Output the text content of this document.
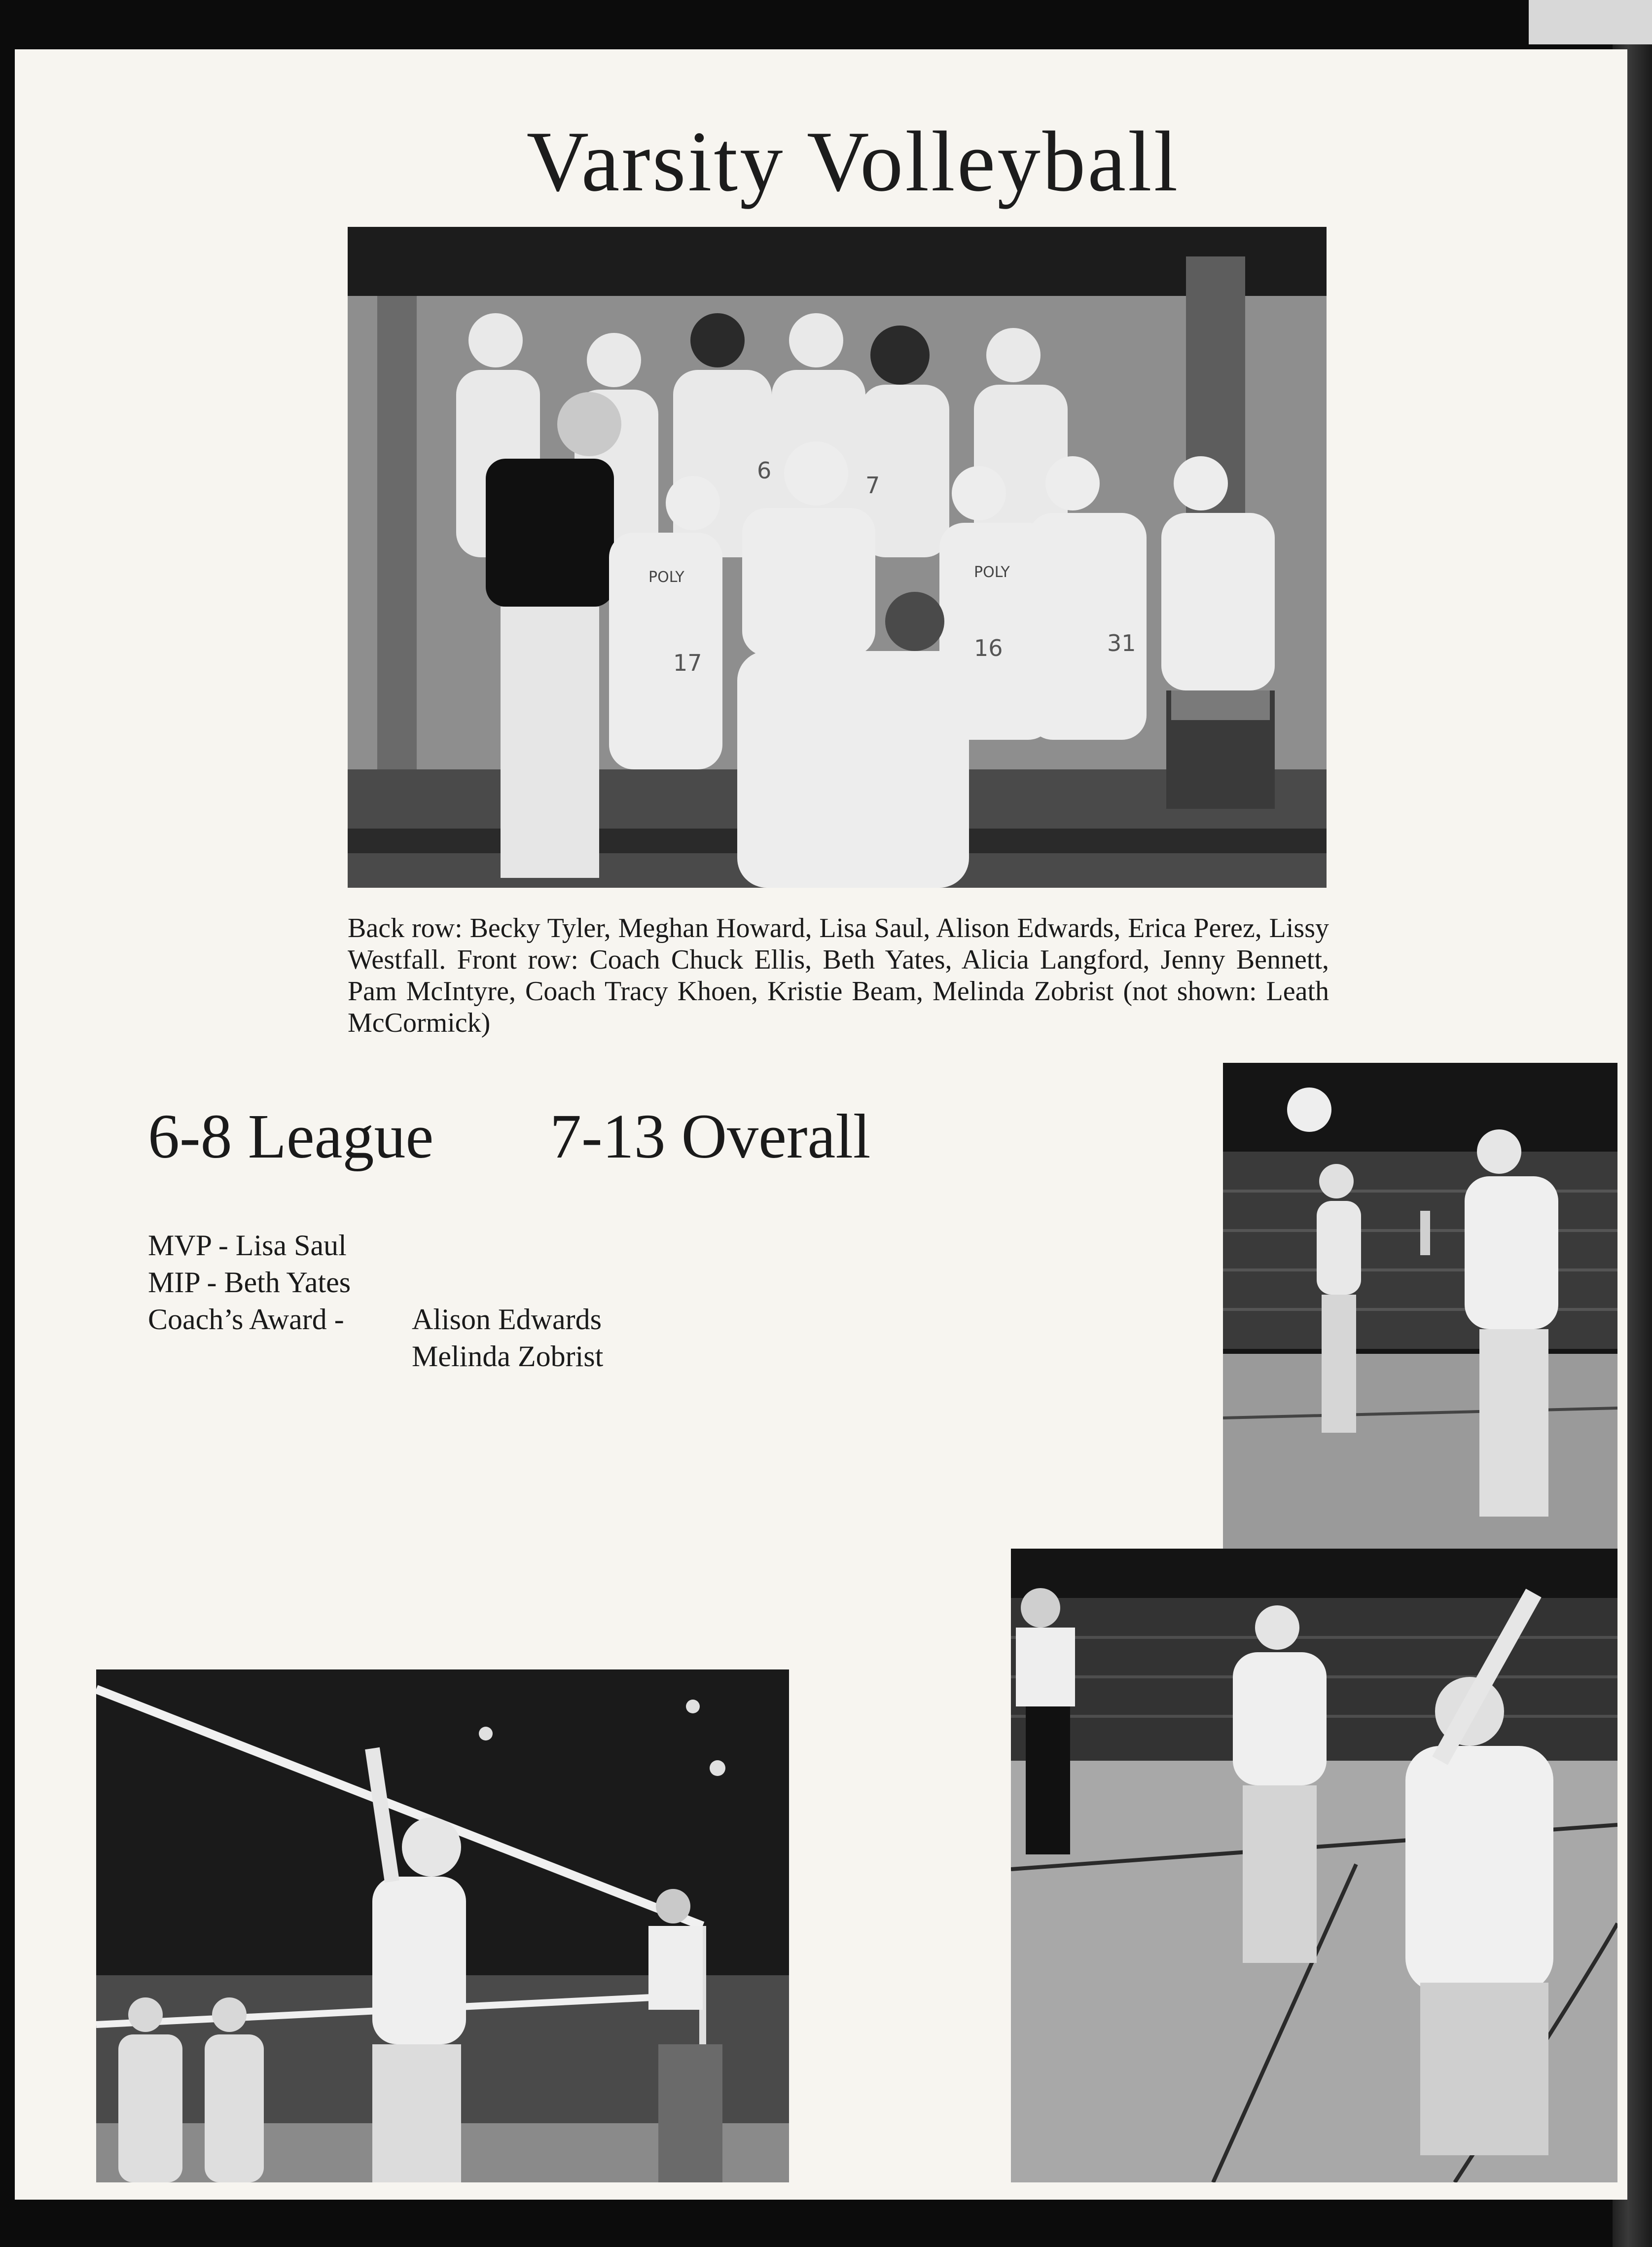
Varsity Volleyball
6
7
17
16	31
POLY	POLY
Back row: Becky Tyler, Meghan Howard, Lisa Saul, Alison Edwards, Erica Perez, Lissy Westfall. Front row: Coach Chuck Ellis, Beth Yates, Alicia Langford, Jenny Bennett, Pam McIntyre, Coach Tracy Khoen, Kristie Beam, Melinda Zobrist (not shown: Leath McCormick)
6-8 League 7-13 Overall
MVP - Lisa Saul
MIP - Beth Yates
Coach’s Award - Alison Edwards
Melinda Zobrist
